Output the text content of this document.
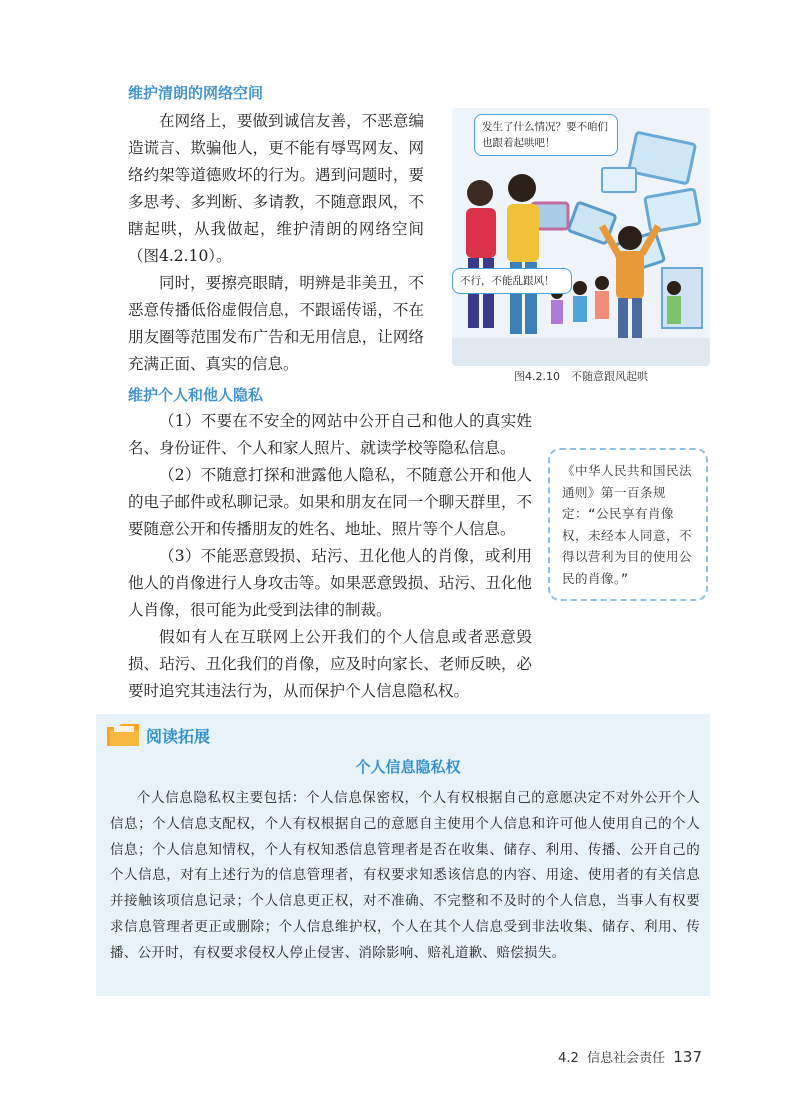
维护清朗的网络空间

在网络上，要做到诚信友善，不恶意编造谎言、欺骗他人，更不能有辱骂网友、网络约架等道德败坏的行为。遇到问题时，要多思考、多判断、多请教，不随意跟风，不瞎起哄，从我做起，维护清朗的网络空间（图4.2.10）。

同时，要擦亮眼睛，明辨是非美丑，不恶意传播低俗虚假信息，不跟谣传谣，不在朋友圈等范围发布广告和无用信息，让网络充满正面、真实的信息。

发生了什么情况？要不咱们也跟着起哄吧！
不行，不能乱跟风！
图4.2.10　不随意跟风起哄
维护个人和他人隐私

（1）不要在不安全的网站中公开自己和他人的真实姓名、身份证件、个人和家人照片、就读学校等隐私信息。

（2）不随意打探和泄露他人隐私，不随意公开和他人的电子邮件或私聊记录。如果和朋友在同一个聊天群里，不要随意公开和传播朋友的姓名、地址、照片等个人信息。

（3）不能恶意毁损、玷污、丑化他人的肖像，或利用他人的肖像进行人身攻击等。如果恶意毁损、玷污、丑化他人肖像，很可能为此受到法律的制裁。

假如有人在互联网上公开我们的个人信息或者恶意毁损、玷污、丑化我们的肖像，应及时向家长、老师反映，必要时追究其违法行为，从而保护个人信息隐私权。

《中华人民共和国民法通则》第一百条规定：“公民享有肖像权，未经本人同意，不得以营利为目的使用公民的肖像。”
阅读拓展
个人信息隐私权
个人信息隐私权主要包括：个人信息保密权，个人有权根据自己的意愿决定不对外公开个人信息；个人信息支配权，个人有权根据自己的意愿自主使用个人信息和许可他人使用自己的个人信息；个人信息知情权，个人有权知悉信息管理者是否在收集、储存、利用、传播、公开自己的个人信息，对有上述行为的信息管理者，有权要求知悉该信息的内容、用途、使用者的有关信息并接触该项信息记录；个人信息更正权，对不准确、不完整和不及时的个人信息，当事人有权要求信息管理者更正或删除；个人信息维护权，个人在其个人信息受到非法收集、储存、利用、传播、公开时，有权要求侵权人停止侵害、消除影响、赔礼道歉、赔偿损失。
4.2 信息社会责任 137
